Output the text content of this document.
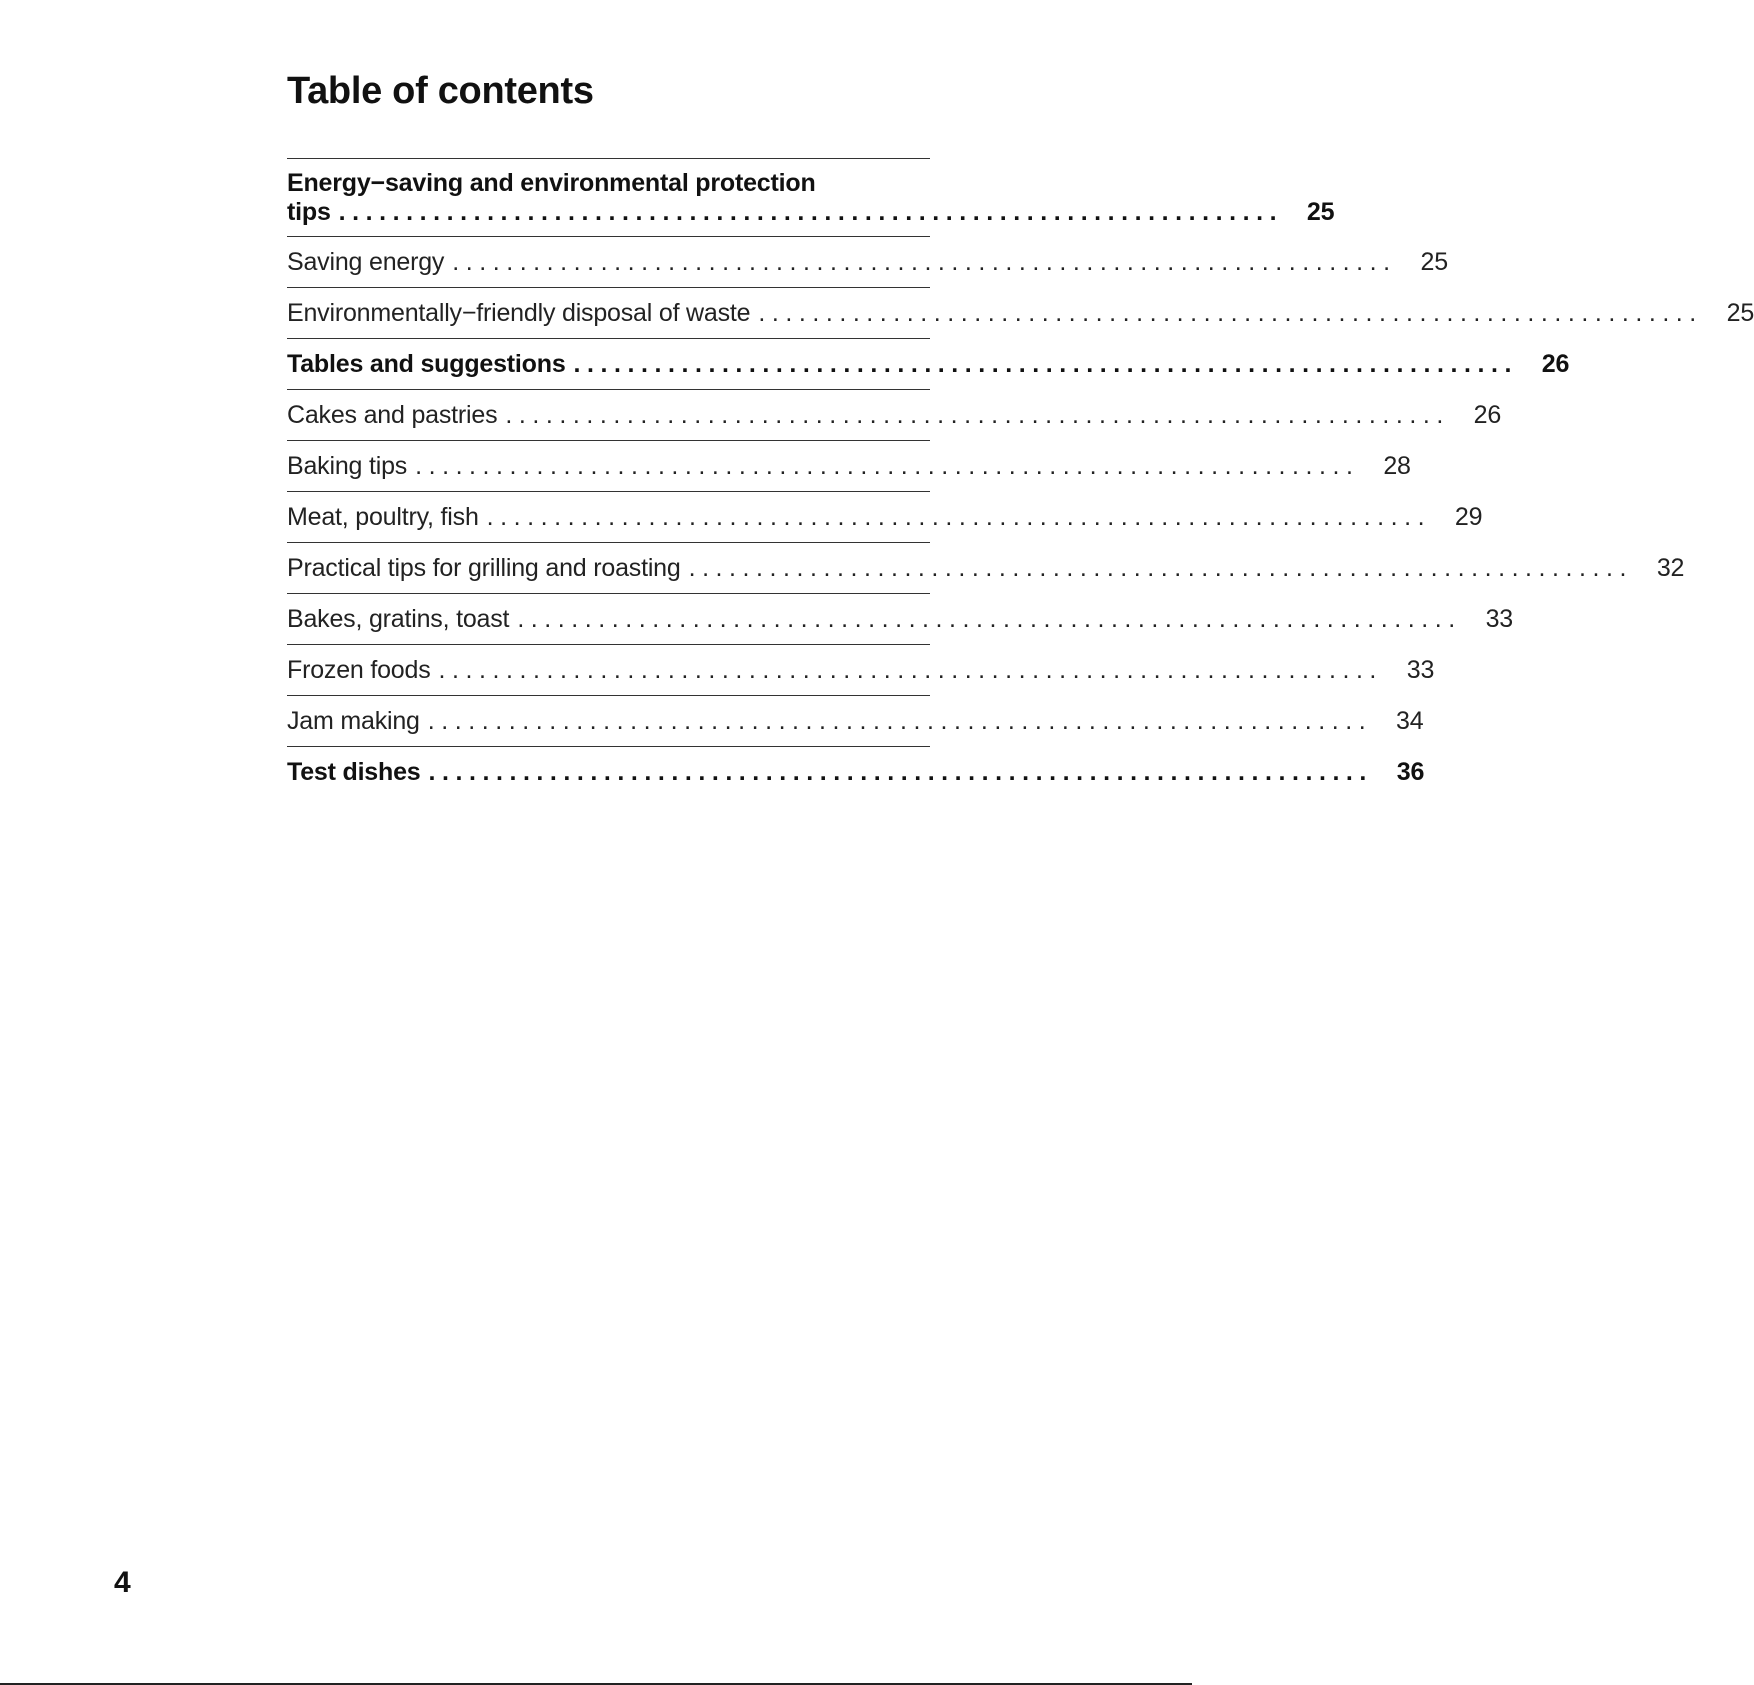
Table of contents
Energy−saving and environmental protection
tips . . . . . . . . . . . . . . . . . . . . . . . . . . . . . . . . . . . . . . . . . . . . . . . . . . . . . . . . . . . . . . . . . . . . . .	25
Saving energy . . . . . . . . . . . . . . . . . . . . . . . . . . . . . . . . . . . . . . . . . . . . . . . . . . . . . . . . . . . . . . . . . . . . . .	25
Environmentally−friendly disposal of waste . . . . . . . . . . . . . . . . . . . . . . . . . . . . . . . . . . . . . . . . . . . . . . . . . . . . . . . . . . . . . . . . . . . . . .	25
Tables and suggestions . . . . . . . . . . . . . . . . . . . . . . . . . . . . . . . . . . . . . . . . . . . . . . . . . . . . . . . . . . . . . . . . . . . . . .	26
Cakes and pastries . . . . . . . . . . . . . . . . . . . . . . . . . . . . . . . . . . . . . . . . . . . . . . . . . . . . . . . . . . . . . . . . . . . . . .	26
Baking tips . . . . . . . . . . . . . . . . . . . . . . . . . . . . . . . . . . . . . . . . . . . . . . . . . . . . . . . . . . . . . . . . . . . . . .	28
Meat, poultry, fish . . . . . . . . . . . . . . . . . . . . . . . . . . . . . . . . . . . . . . . . . . . . . . . . . . . . . . . . . . . . . . . . . . . . . .	29
Practical tips for grilling and roasting . . . . . . . . . . . . . . . . . . . . . . . . . . . . . . . . . . . . . . . . . . . . . . . . . . . . . . . . . . . . . . . . . . . . . .	32
Bakes, gratins, toast . . . . . . . . . . . . . . . . . . . . . . . . . . . . . . . . . . . . . . . . . . . . . . . . . . . . . . . . . . . . . . . . . . . . . .	33
Frozen foods . . . . . . . . . . . . . . . . . . . . . . . . . . . . . . . . . . . . . . . . . . . . . . . . . . . . . . . . . . . . . . . . . . . . . .	33
Jam making . . . . . . . . . . . . . . . . . . . . . . . . . . . . . . . . . . . . . . . . . . . . . . . . . . . . . . . . . . . . . . . . . . . . . .	34
Test dishes . . . . . . . . . . . . . . . . . . . . . . . . . . . . . . . . . . . . . . . . . . . . . . . . . . . . . . . . . . . . . . . . . . . . . .	36
4
